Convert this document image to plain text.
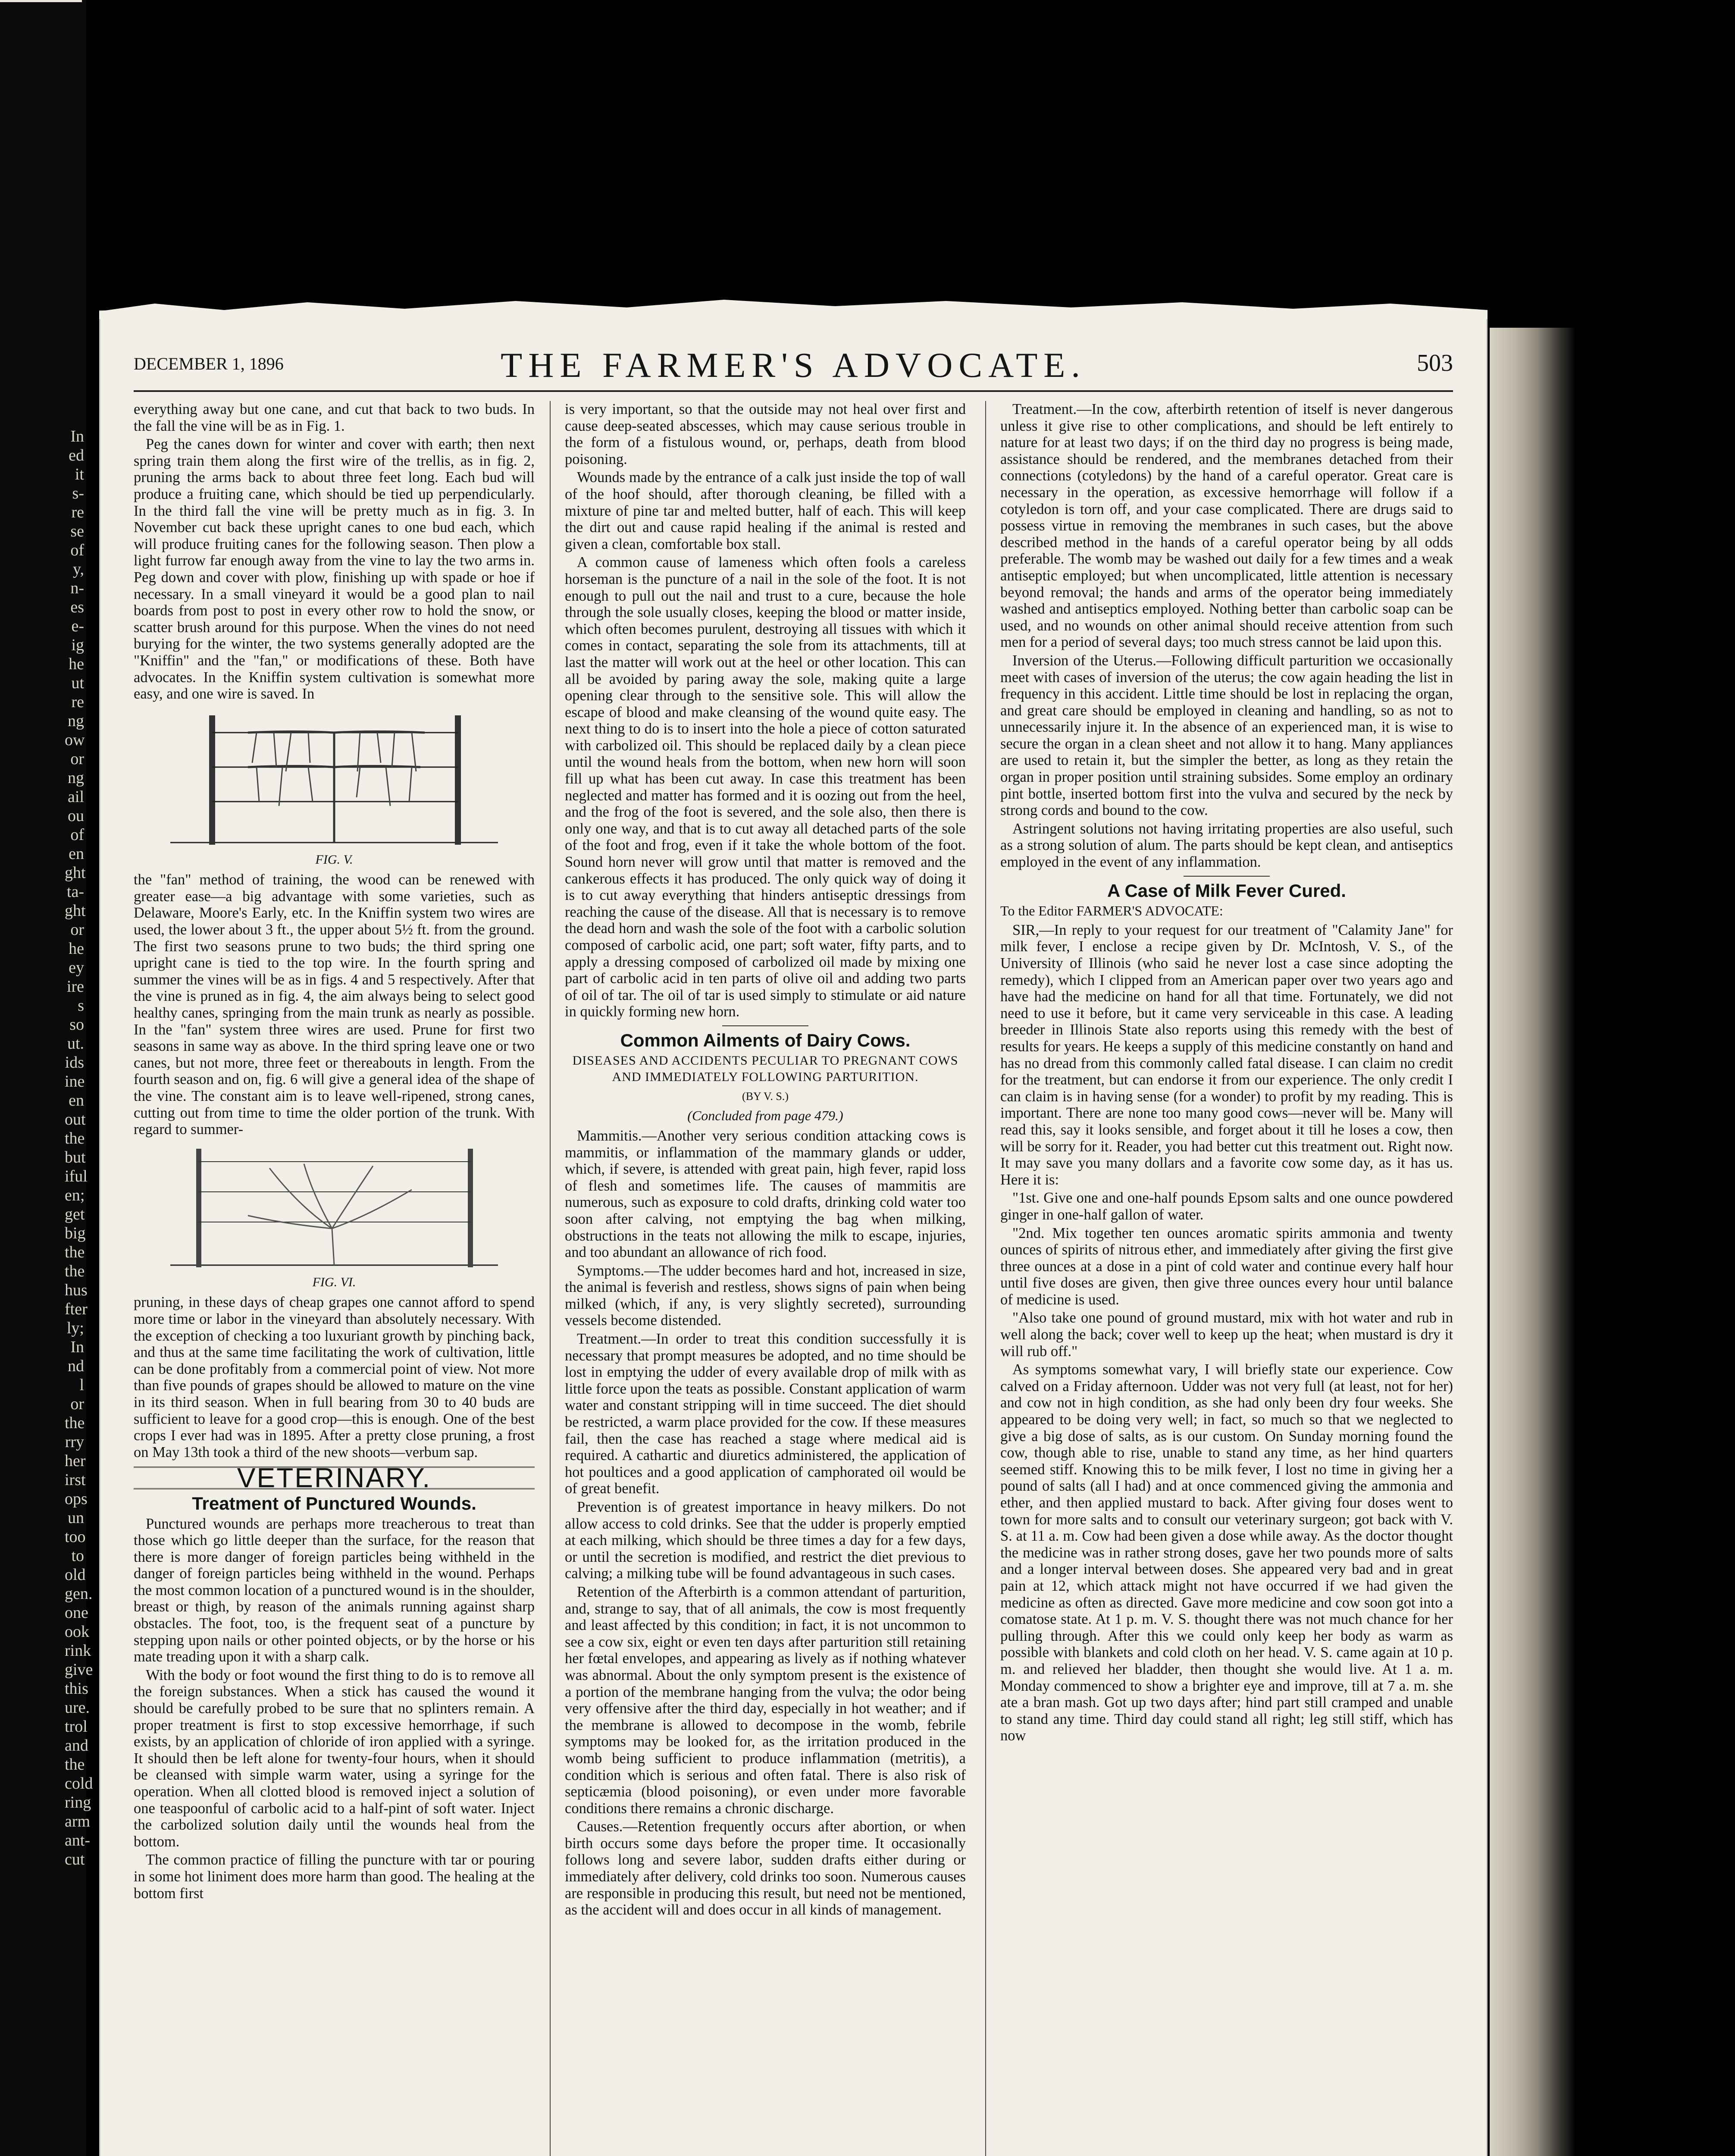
In
ed
it
s-
re
se
of
y,
n-
es
e-
ig
he
ut
re
ng
ow
or
ng
ail
ou
of
en
ght
ta-
ght
or
he
ey
ire
s so
ut.
ids
ine
en
out
the
but
iful
en;
get
big
the
the
hus
fter
ly;
In
nd
l or
the
rry
her
irst
ops
un
too
to
old
gen.
one
ook
rink
give
this
ure.
trol
and
the
cold
ring
arm
ant-
cut
DECEMBER 1, 1896	THE FARMER'S ADVOCATE.	503

everything away but one cane, and cut that back to two buds. In the fall the vine will be as in Fig. 1.

Peg the canes down for winter and cover with earth; then next spring train them along the first wire of the trellis, as in fig. 2, pruning the arms back to about three feet long. Each bud will produce a fruiting cane, which should be tied up perpendicularly. In the third fall the vine will be pretty much as in fig. 3. In November cut back these upright canes to one bud each, which will produce fruiting canes for the following season. Then plow a light furrow far enough away from the vine to lay the two arms in. Peg down and cover with plow, finishing up with spade or hoe if necessary. In a small vineyard it would be a good plan to nail boards from post to post in every other row to hold the snow, or scatter brush around for this purpose. When the vines do not need burying for the winter, the two systems generally adopted are the "Kniffin" and the "fan," or modifications of these. Both have advocates. In the Kniffin system cultivation is somewhat more easy, and one wire is saved. In

FIG. V.

the "fan" method of training, the wood can be renewed with greater ease—a big advantage with some varieties, such as Delaware, Moore's Early, etc. In the Kniffin system two wires are used, the lower about 3 ft., the upper about 5½ ft. from the ground. The first two seasons prune to two buds; the third spring one upright cane is tied to the top wire. In the fourth spring and summer the vines will be as in figs. 4 and 5 respectively. After that the vine is pruned as in fig. 4, the aim always being to select good healthy canes, springing from the main trunk as nearly as possible. In the "fan" system three wires are used. Prune for first two seasons in same way as above. In the third spring leave one or two canes, but not more, three feet or thereabouts in length. From the fourth season and on, fig. 6 will give a general idea of the shape of the vine. The constant aim is to leave well-ripened, strong canes, cutting out from time to time the older portion of the trunk. With regard to summer-

FIG. VI.

pruning, in these days of cheap grapes one cannot afford to spend more time or labor in the vineyard than absolutely necessary. With the exception of checking a too luxuriant growth by pinching back, and thus at the same time facilitating the work of cultivation, little can be done profitably from a commercial point of view. Not more than five pounds of grapes should be allowed to mature on the vine in its third season. When in full bearing from 30 to 40 buds are sufficient to leave for a good crop—this is enough. One of the best crops I ever had was in 1895. After a pretty close pruning, a frost on May 13th took a third of the new shoots—verbum sap.

VETERINARY.
Treatment of Punctured Wounds.

Punctured wounds are perhaps more treacherous to treat than those which go little deeper than the surface, for the reason that there is more danger of foreign particles being withheld in the danger of foreign particles being withheld in the wound. Perhaps the most common location of a punctured wound is in the shoulder, breast or thigh, by reason of the animals running against sharp obstacles. The foot, too, is the frequent seat of a puncture by stepping upon nails or other pointed objects, or by the horse or his mate treading upon it with a sharp calk.

With the body or foot wound the first thing to do is to remove all the foreign substances. When a stick has caused the wound it should be carefully probed to be sure that no splinters remain. A proper treatment is first to stop excessive hemorrhage, if such exists, by an application of chloride of iron applied with a syringe. It should then be left alone for twenty-four hours, when it should be cleansed with simple warm water, using a syringe for the operation. When all clotted blood is removed inject a solution of one teaspoonful of carbolic acid to a half-pint of soft water. Inject the carbolized solution daily until the wounds heal from the bottom.

The common practice of filling the puncture with tar or pouring in some hot liniment does more harm than good. The healing at the bottom first

is very important, so that the outside may not heal over first and cause deep-seated abscesses, which may cause serious trouble in the form of a fistulous wound, or, perhaps, death from blood poisoning.

Wounds made by the entrance of a calk just inside the top of wall of the hoof should, after thorough cleaning, be filled with a mixture of pine tar and melted butter, half of each. This will keep the dirt out and cause rapid healing if the animal is rested and given a clean, comfortable box stall.

A common cause of lameness which often fools a careless horseman is the puncture of a nail in the sole of the foot. It is not enough to pull out the nail and trust to a cure, because the hole through the sole usually closes, keeping the blood or matter inside, which often becomes purulent, destroying all tissues with which it comes in contact, separating the sole from its attachments, till at last the matter will work out at the heel or other location. This can all be avoided by paring away the sole, making quite a large opening clear through to the sensitive sole. This will allow the escape of blood and make cleansing of the wound quite easy. The next thing to do is to insert into the hole a piece of cotton saturated with carbolized oil. This should be replaced daily by a clean piece until the wound heals from the bottom, when new horn will soon fill up what has been cut away. In case this treatment has been neglected and matter has formed and it is oozing out from the heel, and the frog of the foot is severed, and the sole also, then there is only one way, and that is to cut away all detached parts of the sole of the foot and frog, even if it take the whole bottom of the foot. Sound horn never will grow until that matter is removed and the cankerous effects it has produced. The only quick way of doing it is to cut away everything that hinders antiseptic dressings from reaching the cause of the disease. All that is necessary is to remove the dead horn and wash the sole of the foot with a carbolic solution composed of carbolic acid, one part; soft water, fifty parts, and to apply a dressing composed of carbolized oil made by mixing one part of carbolic acid in ten parts of olive oil and adding two parts of oil of tar. The oil of tar is used simply to stimulate or aid nature in quickly forming new horn.

Common Ailments of Dairy Cows.
DISEASES AND ACCIDENTS PECULIAR TO PREGNANT COWS AND IMMEDIATELY FOLLOWING PARTURITION.
(BY V. S.)
(Concluded from page 479.)

Mammitis.—Another very serious condition attacking cows is mammitis, or inflammation of the mammary glands or udder, which, if severe, is attended with great pain, high fever, rapid loss of flesh and sometimes life. The causes of mammitis are numerous, such as exposure to cold drafts, drinking cold water too soon after calving, not emptying the bag when milking, obstructions in the teats not allowing the milk to escape, injuries, and too abundant an allowance of rich food.

Symptoms.—The udder becomes hard and hot, increased in size, the animal is feverish and restless, shows signs of pain when being milked (which, if any, is very slightly secreted), surrounding vessels become distended.

Treatment.—In order to treat this condition successfully it is necessary that prompt measures be adopted, and no time should be lost in emptying the udder of every available drop of milk with as little force upon the teats as possible. Constant application of warm water and constant stripping will in time succeed. The diet should be restricted, a warm place provided for the cow. If these measures fail, then the case has reached a stage where medical aid is required. A cathartic and diuretics administered, the application of hot poultices and a good application of camphorated oil would be of great benefit.

Prevention is of greatest importance in heavy milkers. Do not allow access to cold drinks. See that the udder is properly emptied at each milking, which should be three times a day for a few days, or until the secretion is modified, and restrict the diet previous to calving; a milking tube will be found advantageous in such cases.

Retention of the Afterbirth is a common attendant of parturition, and, strange to say, that of all animals, the cow is most frequently and least affected by this condition; in fact, it is not uncommon to see a cow six, eight or even ten days after parturition still retaining her fœtal envelopes, and appearing as lively as if nothing whatever was abnormal. About the only symptom present is the existence of a portion of the membrane hanging from the vulva; the odor being very offensive after the third day, especially in hot weather; and if the membrane is allowed to decompose in the womb, febrile symptoms may be looked for, as the irritation produced in the womb being sufficient to produce inflammation (metritis), a condition which is serious and often fatal. There is also risk of septicæmia (blood poisoning), or even under more favorable conditions there remains a chronic discharge.

Causes.—Retention frequently occurs after abortion, or when birth occurs some days before the proper time. It occasionally follows long and severe labor, sudden drafts either during or immediately after delivery, cold drinks too soon. Numerous causes are responsible in producing this result, but need not be mentioned, as the accident will and does occur in all kinds of management.

Treatment.—In the cow, afterbirth retention of itself is never dangerous unless it give rise to other complications, and should be left entirely to nature for at least two days; if on the third day no progress is being made, assistance should be rendered, and the membranes detached from their connections (cotyledons) by the hand of a careful operator. Great care is necessary in the operation, as excessive hemorrhage will follow if a cotyledon is torn off, and your case complicated. There are drugs said to possess virtue in removing the membranes in such cases, but the above described method in the hands of a careful operator being by all odds preferable. The womb may be washed out daily for a few times and a weak antiseptic employed; but when uncomplicated, little attention is necessary beyond removal; the hands and arms of the operator being immediately washed and antiseptics employed. Nothing better than carbolic soap can be used, and no wounds on other animal should receive attention from such men for a period of several days; too much stress cannot be laid upon this.

Inversion of the Uterus.—Following difficult parturition we occasionally meet with cases of inversion of the uterus; the cow again heading the list in frequency in this accident. Little time should be lost in replacing the organ, and great care should be employed in cleaning and handling, so as not to unnecessarily injure it. In the absence of an experienced man, it is wise to secure the organ in a clean sheet and not allow it to hang. Many appliances are used to retain it, but the simpler the better, as long as they retain the organ in proper position until straining subsides. Some employ an ordinary pint bottle, inserted bottom first into the vulva and secured by the neck by strong cords and bound to the cow.

Astringent solutions not having irritating properties are also useful, such as a strong solution of alum. The parts should be kept clean, and antiseptics employed in the event of any inflammation.

A Case of Milk Fever Cured.

To the Editor FARMER'S ADVOCATE:

SIR,—In reply to your request for our treatment of "Calamity Jane" for milk fever, I enclose a recipe given by Dr. McIntosh, V. S., of the University of Illinois (who said he never lost a case since adopting the remedy), which I clipped from an American paper over two years ago and have had the medicine on hand for all that time. Fortunately, we did not need to use it before, but it came very serviceable in this case. A leading breeder in Illinois State also reports using this remedy with the best of results for years. He keeps a supply of this medicine constantly on hand and has no dread from this commonly called fatal disease. I can claim no credit for the treatment, but can endorse it from our experience. The only credit I can claim is in having sense (for a wonder) to profit by my reading. This is important. There are none too many good cows—never will be. Many will read this, say it looks sensible, and forget about it till he loses a cow, then will be sorry for it. Reader, you had better cut this treatment out. Right now. It may save you many dollars and a favorite cow some day, as it has us. Here it is:

"1st. Give one and one-half pounds Epsom salts and one ounce powdered ginger in one-half gallon of water.

"2nd. Mix together ten ounces aromatic spirits ammonia and twenty ounces of spirits of nitrous ether, and immediately after giving the first give three ounces at a dose in a pint of cold water and continue every half hour until five doses are given, then give three ounces every hour until balance of medicine is used.

"Also take one pound of ground mustard, mix with hot water and rub in well along the back; cover well to keep up the heat; when mustard is dry it will rub off."

As symptoms somewhat vary, I will briefly state our experience. Cow calved on a Friday afternoon. Udder was not very full (at least, not for her) and cow not in high condition, as she had only been dry four weeks. She appeared to be doing very well; in fact, so much so that we neglected to give a big dose of salts, as is our custom. On Sunday morning found the cow, though able to rise, unable to stand any time, as her hind quarters seemed stiff. Knowing this to be milk fever, I lost no time in giving her a pound of salts (all I had) and at once commenced giving the ammonia and ether, and then applied mustard to back. After giving four doses went to town for more salts and to consult our veterinary surgeon; got back with V. S. at 11 a. m. Cow had been given a dose while away. As the doctor thought the medicine was in rather strong doses, gave her two pounds more of salts and a longer interval between doses. She appeared very bad and in great pain at 12, which attack might not have occurred if we had given the medicine as often as directed. Gave more medicine and cow soon got into a comatose state. At 1 p. m. V. S. thought there was not much chance for her pulling through. After this we could only keep her body as warm as possible with blankets and cold cloth on her head. V. S. came again at 10 p. m. and relieved her bladder, then thought she would live. At 1 a. m. Monday commenced to show a brighter eye and improve, till at 7 a. m. she ate a bran mash. Got up two days after; hind part still cramped and unable to stand any time. Third day could stand all right; leg still stiff, which has now
